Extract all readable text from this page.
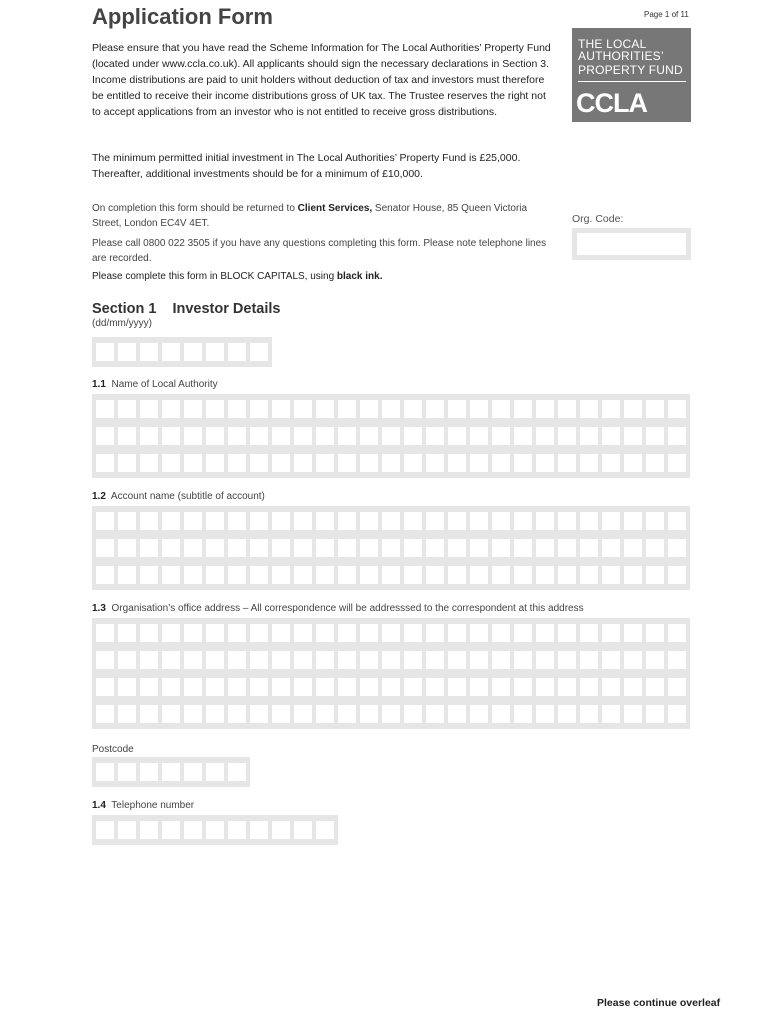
Application Form	Page 1 of 11
THE LOCAL
AUTHORITIES’
PROPERTY FUND
CCLA
Please ensure that you have read the Scheme Information for The Local Authorities’ Property Fund (located under www.ccla.co.uk). All applicants should sign the necessary declarations in Section 3. Income distributions are paid to unit holders without deduction of tax and investors must therefore be entitled to receive their income distributions gross of UK tax. The Trustee reserves the right not to accept applications from an investor who is not entitled to receive gross distributions.
The minimum permitted initial investment in The Local Authorities’ Property Fund is £25,000. Thereafter, additional investments should be for a minimum of £10,000.
On completion this form should be returned to Client Services, Senator House, 85 Queen Victoria Street, London EC4V 4ET.
Please call 0800 022 3505 if you have any questions completing this form. Please note telephone lines are recorded.
Please complete this form in BLOCK CAPITALS, using black ink.
Org. Code:
Section 1 Investor Details
(dd/mm/yyyy)
1.1 Name of Local Authority
1.2 Account name (subtitle of account)
1.3 Organisation’s office address – All correspondence will be addresssed to the correspondent at this address
Postcode
1.4 Telephone number
Please continue overleaf
